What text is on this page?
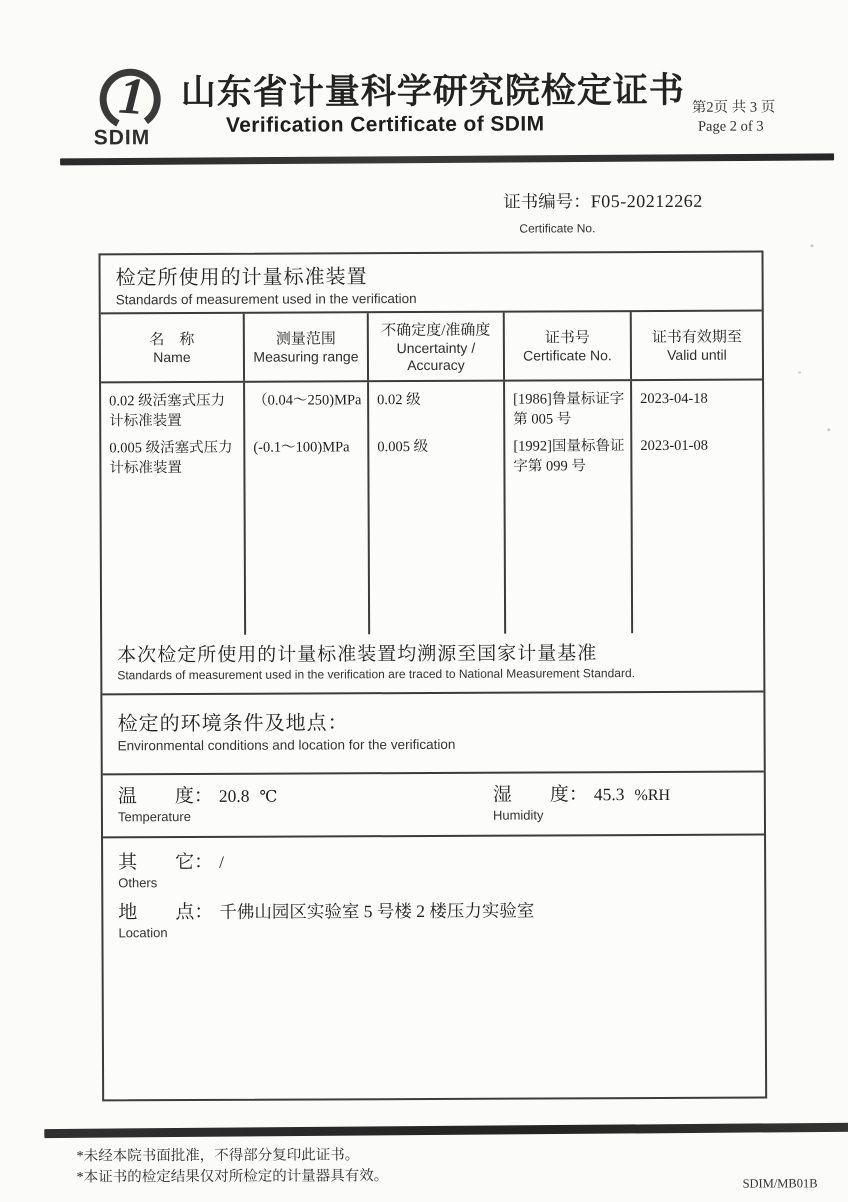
1
SDIM
山东省计量科学研究院检定证书
Verification Certificate of SDIM
第2页 共 3 页
Page 2 of 3
证书编号：F05-20212262
Certificate No.
检定所使用的计量标准装置
Standards of measurement used in the verification
名　称
Name
测量范围
Measuring range
不确定度/准确度
Uncertainty / Accuracy
证书号
Certificate No.
证书有效期至
Valid until
0.02 级活塞式压力计标准装置
0.005 级活塞式压力计标准装置
（0.04～250)MPa
(-0.1～100)MPa
0.02 级
0.005 级
[1986]鲁量标证字第 005 号
[1992]国量标鲁证字第 099 号
2023-04-18
2023-01-08
本次检定所使用的计量标准装置均溯源至国家计量基准
Standards of measurement used in the verification are traced to National Measurement Standard.
检定的环境条件及地点：
Environmental conditions and location for the verification
温　　度： 20.8 ℃
Temperature
湿　　度： 45.3 %RH
Humidity
其　　它： /
Others
地　　点： 千佛山园区实验室 5 号楼 2 楼压力实验室
Location
*未经本院书面批准，不得部分复印此证书。
*本证书的检定结果仅对所检定的计量器具有效。	SDIM/MB01B
